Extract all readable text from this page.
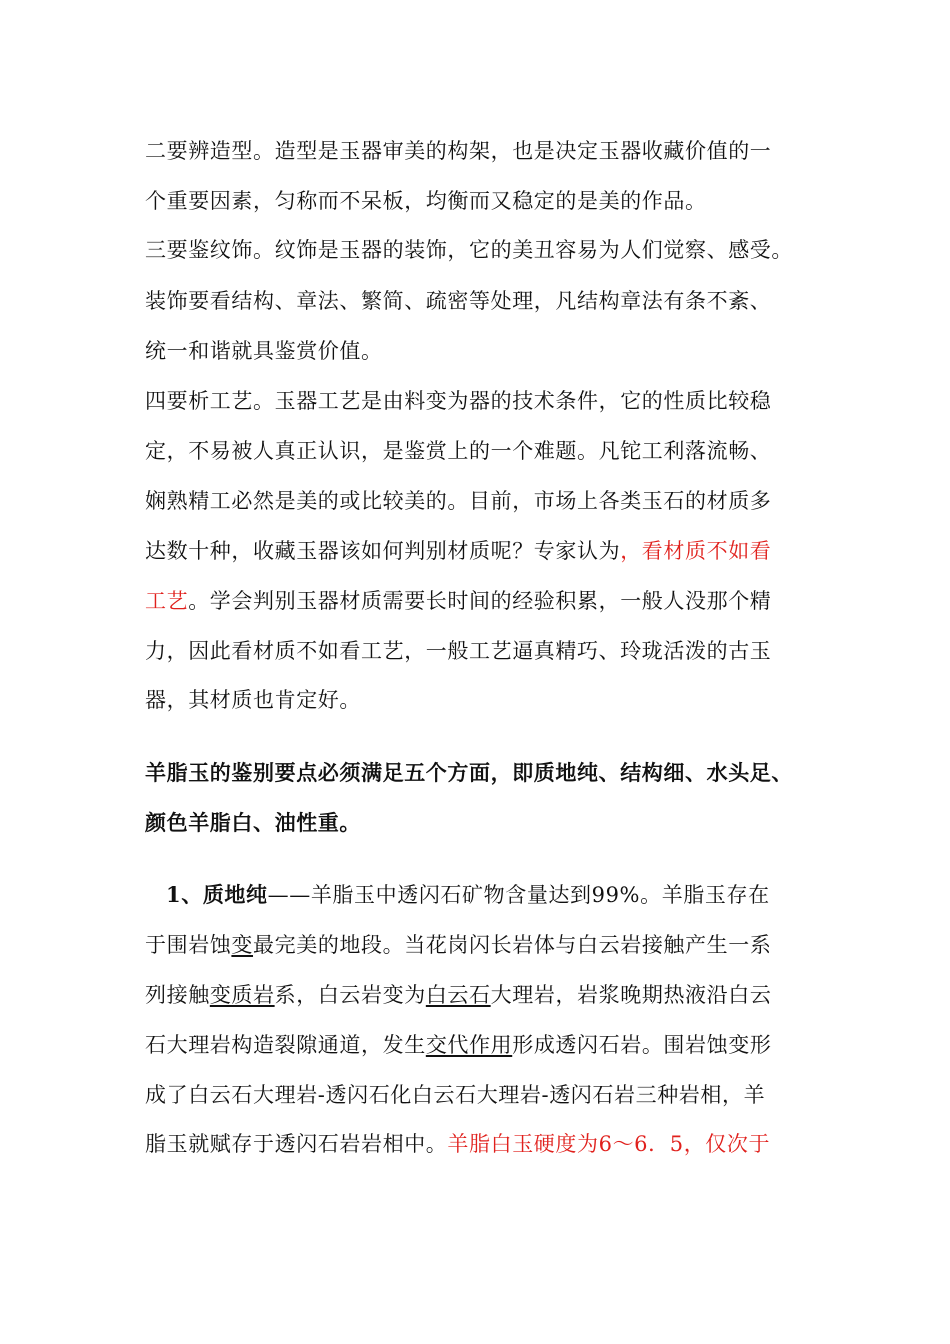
二要辨造型。造型是玉器审美的构架，也是决定玉器收藏价值的一
个重要因素，匀称而不呆板，均衡而又稳定的是美的作品。
三要鉴纹饰。纹饰是玉器的装饰，它的美丑容易为人们觉察、感受。
装饰要看结构、章法、繁简、疏密等处理，凡结构章法有条不紊、
统一和谐就具鉴赏价值。
四要析工艺。玉器工艺是由料变为器的技术条件，它的性质比较稳
定，不易被人真正认识，是鉴赏上的一个难题。凡铊工利落流畅、
娴熟精工必然是美的或比较美的。目前，市场上各类玉石的材质多
达数十种，收藏玉器该如何判别材质呢？专家认为，看材质不如看
工艺。学会判别玉器材质需要长时间的经验积累，一般人没那个精
力，因此看材质不如看工艺，一般工艺逼真精巧、玲珑活泼的古玉
器，其材质也肯定好。
羊脂玉的鉴别要点必须满足五个方面，即质地纯、结构细、水头足、
颜色羊脂白、油性重。
1、质地纯——羊脂玉中透闪石矿物含量达到99%。羊脂玉存在
于围岩蚀变最完美的地段。当花岗闪长岩体与白云岩接触产生一系
列接触变质岩系，白云岩变为白云石大理岩，岩浆晚期热液沿白云
石大理岩构造裂隙通道，发生交代作用形成透闪石岩。围岩蚀变形
成了白云石大理岩-透闪石化白云石大理岩-透闪石岩三种岩相，羊
脂玉就赋存于透闪石岩岩相中。羊脂白玉硬度为6～6．5，仅次于
